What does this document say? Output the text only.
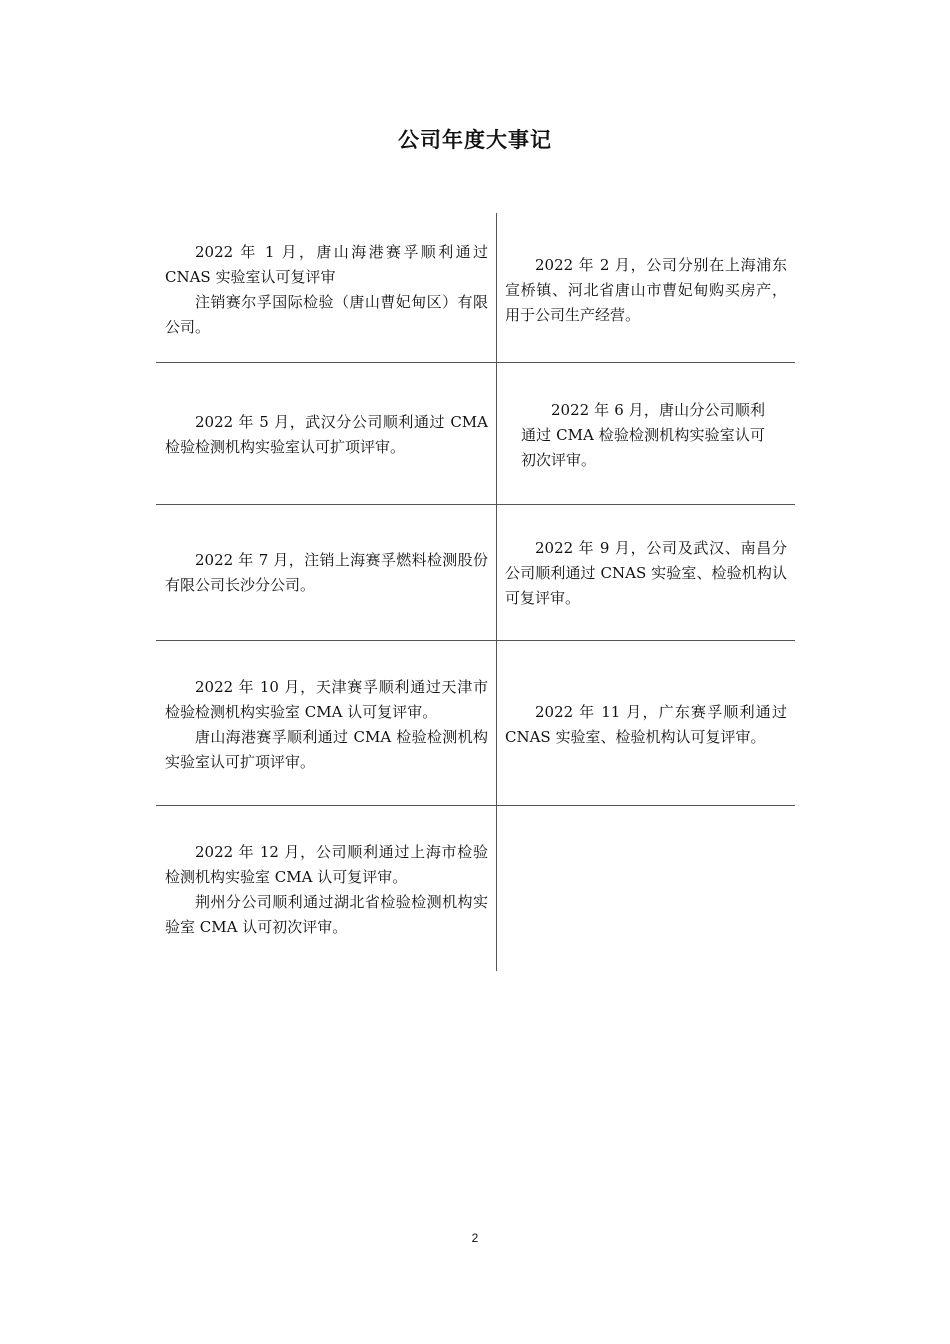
公司年度大事记

2022 年 1 月，唐山海港赛孚顺利通过CNAS 实验室认可复评审

注销赛尔孚国际检验（唐山曹妃甸区）有限公司。

2022 年 2 月，公司分别在上海浦东宣桥镇、河北省唐山市曹妃甸购买房产，用于公司生产经营。

2022 年 5 月，武汉分公司顺利通过 CMA 检验检测机构实验室认可扩项评审。

2022 年 6 月，唐山分公司顺利通过 CMA 检验检测机构实验室认可初次评审。

2022 年 7 月，注销上海赛孚燃料检测股份有限公司长沙分公司。

2022 年 9 月，公司及武汉、南昌分公司顺利通过 CNAS 实验室、检验机构认可复评审。

2022 年 10 月，天津赛孚顺利通过天津市检验检测机构实验室 CMA 认可复评审。

唐山海港赛孚顺利通过 CMA 检验检测机构实验室认可扩项评审。

2022 年 11 月，广东赛孚顺利通过CNAS 实验室、检验机构认可复评审。

2022 年 12 月，公司顺利通过上海市检验检测机构实验室 CMA 认可复评审。

荆州分公司顺利通过湖北省检验检测机构实验室 CMA 认可初次评审。

2
